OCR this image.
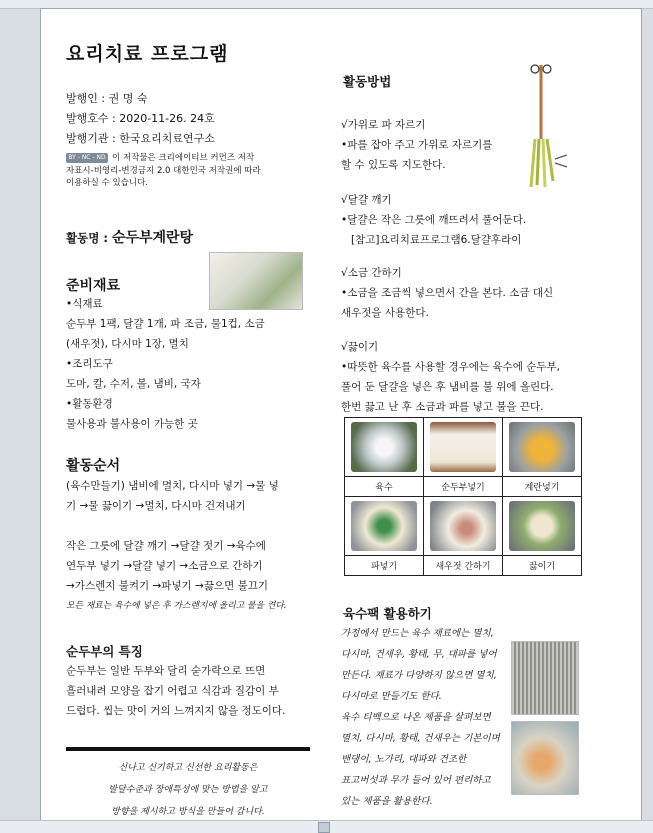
요리치료 프로그램
발행인 : 권 명 숙
발행호수 : 2020-11-26. 24호
발행기관 : 한국요리치료연구소
BY - NC - ND 이 저작물은 크리에이티브 커먼즈 저작
자표시-비영리-변경금지 2.0 대한민국 저작권에 따라
이용하실 수 있습니다.
활동명 : 순두부계란탕
준비재료
•식재료
순두부 1팩, 달걀 1개, 파 조금, 물1컵, 소금
(새우젓), 다시마 1장, 멸치
•조리도구
도마, 칼, 수저, 볼, 냄비, 국자
•활동환경
물사용과 불사용이 가능한 곳
활동순서
(육수만들기) 냄비에 멸치, 다시마 넣기 →물 넣
기 →물 끓이기 →멸치, 다시마 건져내기
작은 그릇에 달걀 깨기 →달걀 젓기 →육수에
연두부 넣기 →달걀 넣기 →소금으로 간하기
→가스렌지 불켜기 →파넣기 →끓으면 불끄기
모든 재료는 육수에 넣은 후 가스렌지에 올리고 불을 켠다.
순두부의 특징
순두부는 일반 두부와 달리 숟가락으로 뜨면
흘러내려 모양을 잡기 어렵고 식감과 질감이 부
드럽다. 씹는 맛이 거의 느껴지지 않을 정도이다.
신나고 신기하고 신선한 요리활동은
발달수준과 장애특성에 맞는 방법을 알고
방향을 제시하고 방식을 만들어 갑니다.
활동방법
√가위로 파 자르기
•파를 잡아 주고 가위로 자르기를
할 수 있도록 지도한다.
√달걀 깨기
•달걀은 작은 그릇에 깨뜨려서 풀어둔다.
[참고]요리치료프로그램6.달걀후라이
√소금 간하기
•소금을 조금씩 넣으면서 간을 본다. 소금 대신
새우젓을 사용한다.
√끓이기
•따뜻한 육수를 사용할 경우에는 육수에 순두부,
풀어 둔 달걀을 넣은 후 냄비를 불 위에 올린다.
한번 끓고 난 후 소금과 파를 넣고 불을 끈다.

육수	순두부넣기	계란넣기

파넣기	새우젓 간하기	끓이기
육수팩 활용하기
가정에서 만드는 육수 재료에는 멸치,
다시마, 건새우, 황태, 무, 대파를 넣어
만든다. 재료가 다양하지 않으면 멸치,
다시마로 만들기도 한다.
육수 티백으로 나온 제품을 살펴보면
멸치, 다시마, 황태, 건새우는 기본이며
밴댕이, 노가리, 대파와 건조한
표고버섯과 무가 들어 있어 편리하고
있는 제품을 활용한다.
